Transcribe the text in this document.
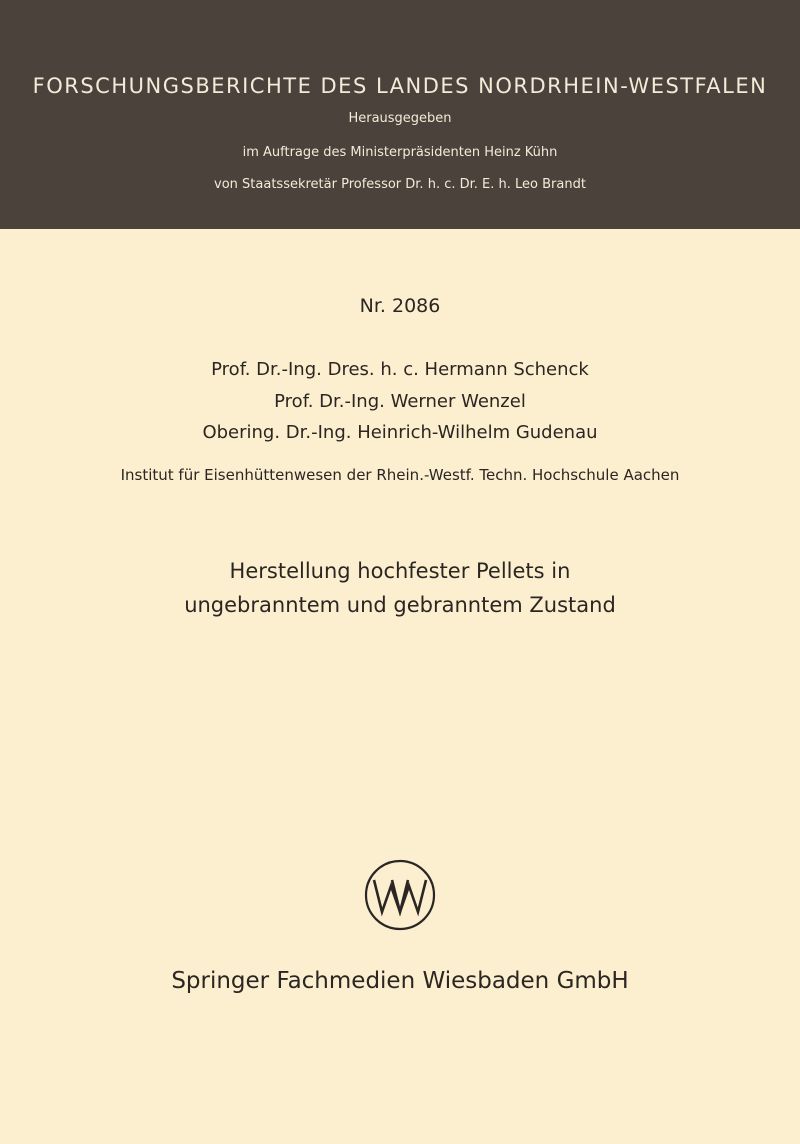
FORSCHUNGSBERICHTE DES LANDES NORDRHEIN-WESTFALEN
Herausgegeben
im Auftrage des Ministerpräsidenten Heinz Kühn
von Staatssekretär Professor Dr. h. c. Dr. E. h. Leo Brandt
Nr. 2086
Prof. Dr.-Ing. Dres. h. c. Hermann Schenck
Prof. Dr.-Ing. Werner Wenzel
Obering. Dr.-Ing. Heinrich-Wilhelm Gudenau
Institut für Eisenhüttenwesen der Rhein.-Westf. Techn. Hochschule Aachen
Herstellung hochfester Pellets in
ungebranntem und gebranntem Zustand
Springer Fachmedien Wiesbaden GmbH
